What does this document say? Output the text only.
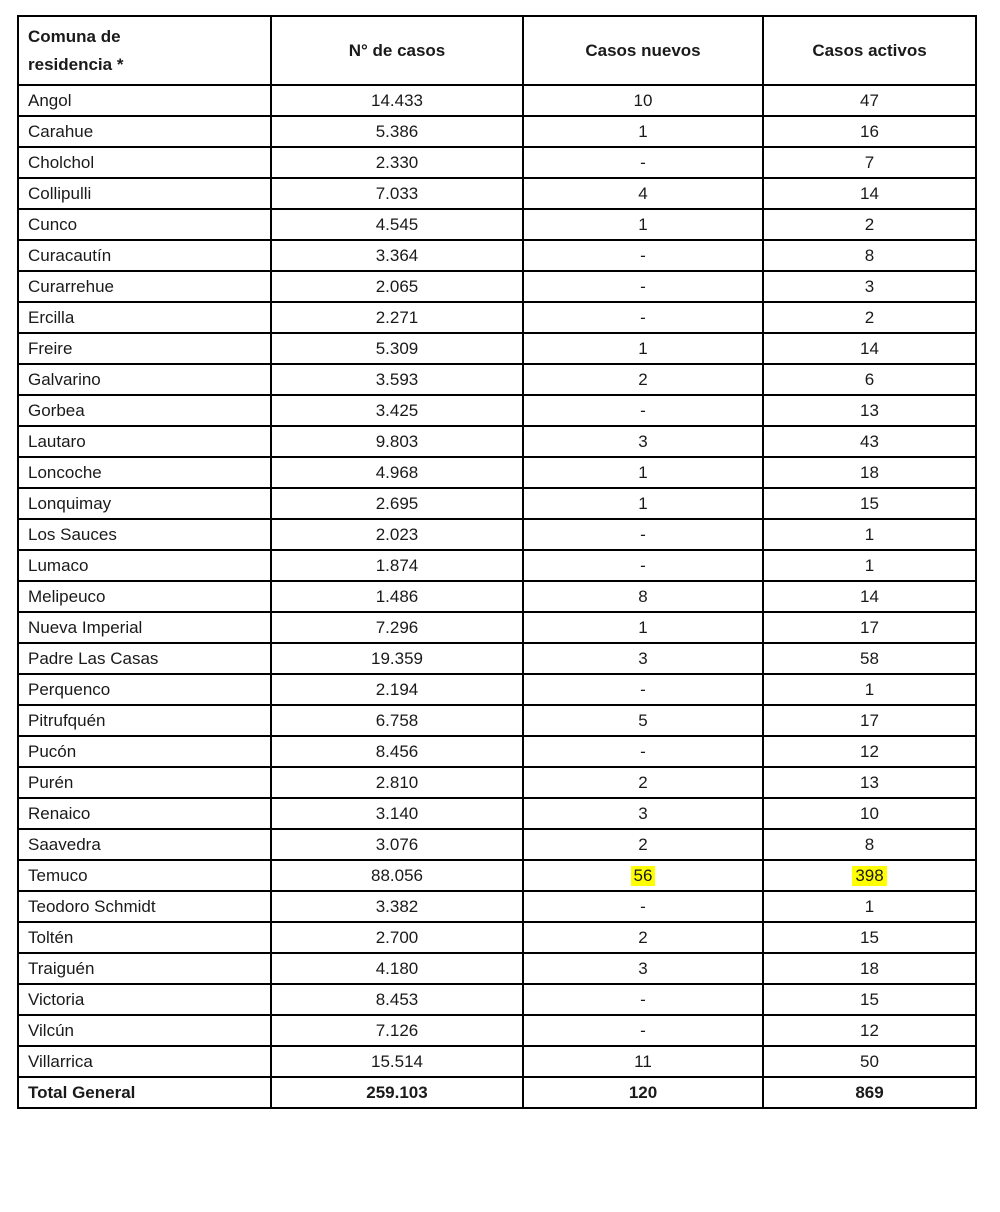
Comuna de residencia *	N° de casos	Casos nuevos	Casos activos
Angol	14.433	10	47
Carahue	5.386	1	16
Cholchol	2.330	-	7
Collipulli	7.033	4	14
Cunco	4.545	1	2
Curacautín	3.364	-	8
Curarrehue	2.065	-	3
Ercilla	2.271	-	2
Freire	5.309	1	14
Galvarino	3.593	2	6
Gorbea	3.425	-	13
Lautaro	9.803	3	43
Loncoche	4.968	1	18
Lonquimay	2.695	1	15
Los Sauces	2.023	-	1
Lumaco	1.874	-	1
Melipeuco	1.486	8	14
Nueva Imperial	7.296	1	17
Padre Las Casas	19.359	3	58
Perquenco	2.194	-	1
Pitrufquén	6.758	5	17
Pucón	8.456	-	12
Purén	2.810	2	13
Renaico	3.140	3	10
Saavedra	3.076	2	8
Temuco	88.056	56	398
Teodoro Schmidt	3.382	-	1
Toltén	2.700	2	15
Traiguén	4.180	3	18
Victoria	8.453	-	15
Vilcún	7.126	-	12
Villarrica	15.514	11	50
Total General	259.103	120	869
